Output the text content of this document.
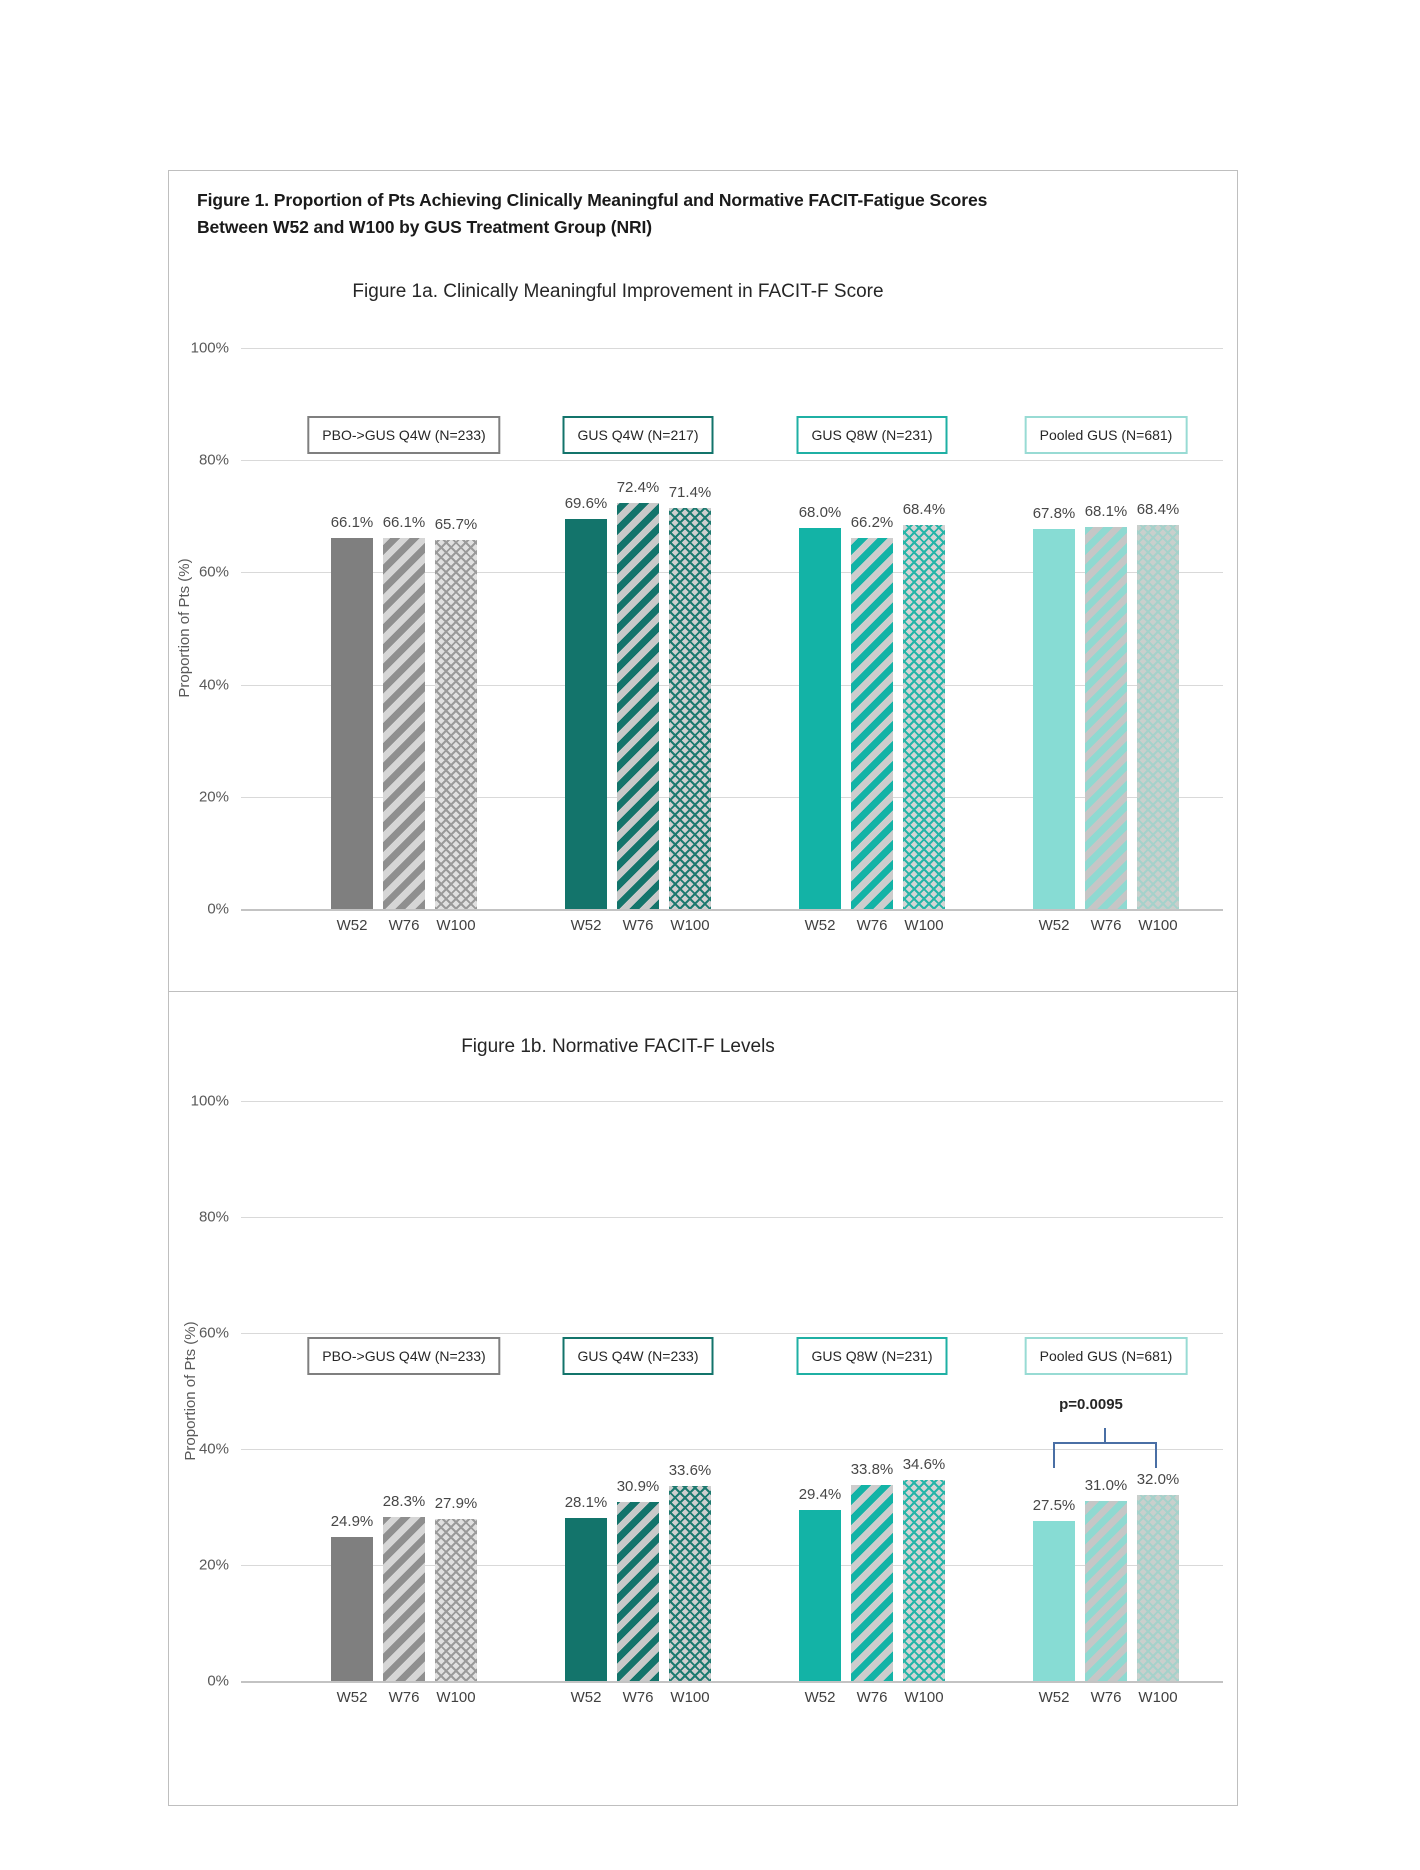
Figure 1. Proportion of Pts Achieving Clinically Meaningful and Normative FACIT-Fatigue Scores
Between W52 and W100 by GUS Treatment Group (NRI)
Figure 1a. Clinically Meaningful Improvement in FACIT-F Score
Proportion of Pts (%)
0%
20%
40%
60%
80%
100%
PBO->GUS Q4W (N=233)
66.1%
W52
66.1%
W76
65.7%
W100
GUS Q4W (N=217)
69.6%
W52
72.4%
W76
71.4%
W100
GUS Q8W (N=231)
68.0%
W52
66.2%
W76
68.4%
W100
Pooled GUS (N=681)
67.8%
W52
68.1%
W76
68.4%
W100
Figure 1b. Normative FACIT-F Levels
Proportion of Pts (%)
0%
20%
40%
60%
80%
100%
PBO->GUS Q4W (N=233)
24.9%
W52
28.3%
W76
27.9%
W100
GUS Q4W (N=233)
28.1%
W52
30.9%
W76
33.6%
W100
GUS Q8W (N=231)
29.4%
W52
33.8%
W76
34.6%
W100
Pooled GUS (N=681)
27.5%
W52
31.0%
W76
32.0%
W100
p=0.0095
